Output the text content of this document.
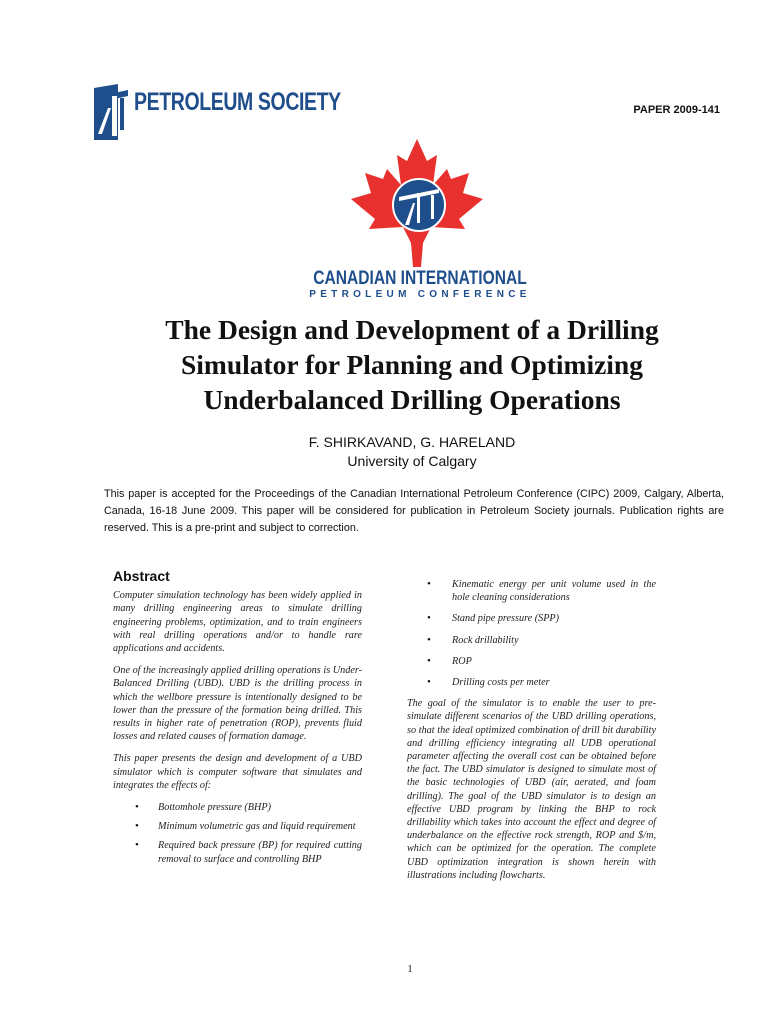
PETROLEUM SOCIETY	PAPER 2009-141
CANADIAN INTERNATIONAL
PETROLEUM CONFERENCE
The Design and Development of a Drilling
Simulator for Planning and Optimizing
Underbalanced Drilling Operations
F. SHIRKAVAND, G. HARELAND
University of Calgary
This paper is accepted for the Proceedings of the Canadian International Petroleum Conference (CIPC) 2009, Calgary, Alberta, Canada, 16-18 June 2009. This paper will be considered for publication in Petroleum Society journals. Publication rights are reserved. This is a pre-print and subject to correction.
Abstract

Computer simulation technology has been widely applied in many drilling engineering areas to simulate drilling engineering problems, optimization, and to train engineers with real drilling operations and/or to handle rare applications and accidents.

One of the increasingly applied drilling operations is Under-Balanced Drilling (UBD). UBD is the drilling process in which the wellbore pressure is intentionally designed to be lower than the pressure of the formation being drilled. This results in higher rate of penetration (ROP), prevents fluid losses and related causes of formation damage.

This paper presents the design and development of a UBD simulator which is computer software that simulates and integrates the effects of:

• Bottomhole pressure (BHP)
• Minimum volumetric gas and liquid requirement
• Required back pressure (BP) for required cutting removal to surface and controlling BHP
• Kinematic energy per unit volume used in the hole cleaning considerations
• Stand pipe pressure (SPP)
• Rock drillability
• ROP
• Drilling costs per meter

The goal of the simulator is to enable the user to pre-simulate different scenarios of the UBD drilling operations, so that the ideal optimized combination of drill bit durability and drilling efficiency integrating all UDB operational parameter affecting the overall cost can be obtained before the fact. The UBD simulator is designed to simulate most of the basic technologies of UBD (air, aerated, and foam drilling). The goal of the UBD simulator is to design an effective UBD program by linking the BHP to rock drillability which takes into account the effect and degree of underbalance on the effective rock strength, ROP and $/m, which can be optimized for the operation. The complete UBD optimization integration is shown herein with illustrations including flowcharts.

1
